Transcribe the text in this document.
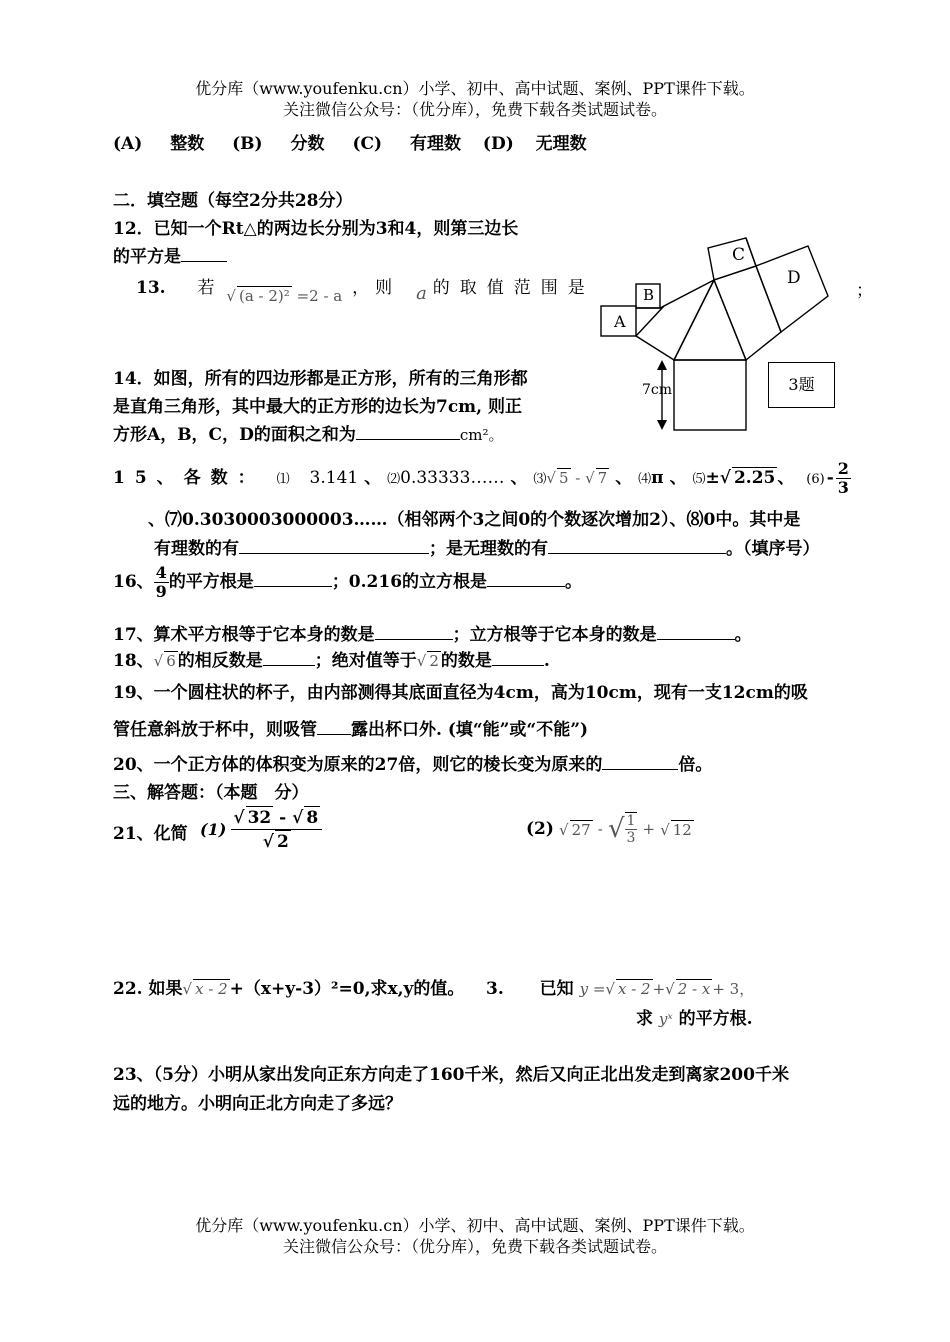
优分库（www.youfenku.cn）小学、初中、高中试题、案例、PPT课件下载。
关注微信公众号：（优分库），免费下载各类试题试卷。
(A) 整数 (B) 分数 (C) 有理数 (D) 无理数
二．填空题（每空2分共28分）
12．已知一个Rt△的两边长分别为3和4，则第三边长
的平方是
13. 若 √ (a - 2)² =2 - a ，则 a 的取值范围是	；
A
B
C
D
7cm	3题
14．如图，所有的四边形都是正方形，所有的三角形都
是直角三角形，其中最大的正方形的边长为7cm, 则正
方形A，B，C，D的面积之和为	cm²。
15、各数： ⑴ 3.141 、 ⑵0.33333…… 、 ⑶√ 5 - √ 7 、 ⑷π 、 ⑸±√ 2.25 、 $(6) - \frac{2}{3}$
、⑺0.3030003000003……（相邻两个3之间0的个数逐次增加2）、⑻0中。其中是
有理数的有	；是无理数的有	。（填序号）
16、 $\frac{4}{9}$ 的平方根是	；0.216的立方根是	。
17、算术平方根等于它本身的数是	；立方根等于它本身的数是	。
18、√ 6 的相反数是	；绝对值等于√ 2 的数是	.
19、一个圆柱状的杯子，由内部测得其底面直径为4cm，高为10cm，现有一支12cm的吸
管任意斜放于杯中，则吸管 露出杯口外. (填“能”或“不能”)
20、一个正方体的体积变为原来的27倍，则它的棱长变为原来的	倍。
三、解答题：（本题　分）
21、化简 $(1) \frac{√ 32 - √ 8}{√ 2}$	(2) √ 27 - √ $\frac{1}{3}$ + √ 12
22. 如果√ x - 2 +（x+y-3）²=0,求x,y的值。 3. 已知 y =√ x - 2 +√ 2 - x + 3，
求 yˣ 的平方根.
23、（5分）小明从家出发向正东方向走了160千米，然后又向正北出发走到离家200千米
远的地方。小明向正北方向走了多远？
优分库（www.youfenku.cn）小学、初中、高中试题、案例、PPT课件下载。
关注微信公众号：（优分库），免费下载各类试题试卷。
